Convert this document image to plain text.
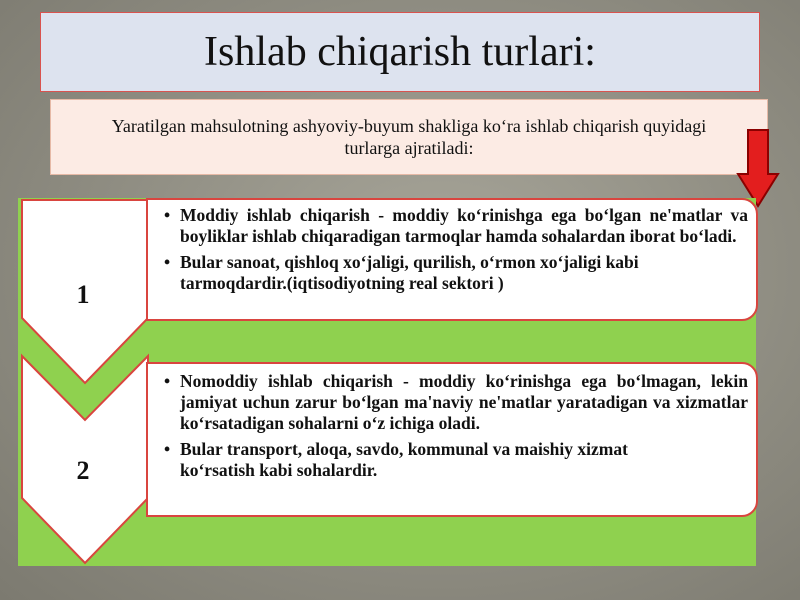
Ishlab chiqarish turlari:

Yaratilgan mahsulotning ashyoviy-buyum shakliga ko‘ra ishlab chiqarish quyidagi turlarga ajratiladi:

1
2
• Moddiy ishlab chiqarish - moddiy ko‘rinishga ega bo‘lgan ne'matlar va boyliklar ishlab chiqaradigan tarmoqlar hamda sohalardan iborat bo‘ladi.
• Bular sanoat, qishloq xo‘jaligi, qurilish, o‘rmon xo‘jaligi kabi tarmoqdardir.(iqtisodiyotning real sektori )
• Nomoddiy ishlab chiqarish - moddiy ko‘rinishga ega bo‘lmagan, lekin jamiyat uchun zarur bo‘lgan ma'naviy ne'matlar yaratadigan va xizmatlar ko‘rsatadigan sohalarni o‘z ichiga oladi.
• Bular transport, aloqa, savdo, kommunal va maishiy xizmat ko‘rsatish kabi sohalardir.
